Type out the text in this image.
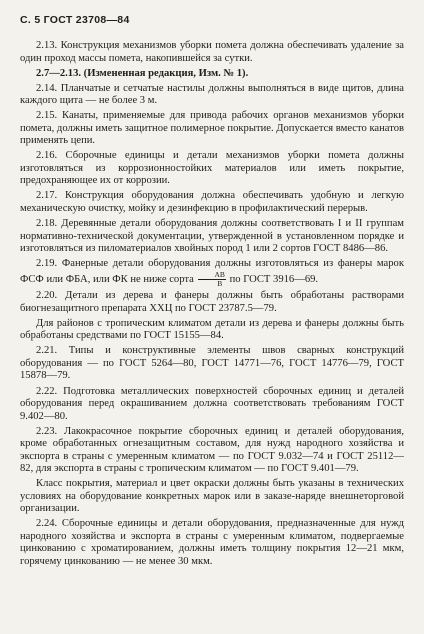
С. 5 ГОСТ 23708—84

2.13. Конструкция механизмов уборки помета должна обеспечивать удаление за один проход массы помета, накопившейся за сутки.

2.7—2.13. (Измененная редакция, Изм. № 1).

2.14. Планчатые и сетчатые настилы должны выполняться в виде щитов, длина каждого щита — не более 3 м.

2.15. Канаты, применяемые для привода рабочих органов механизмов уборки помета, должны иметь защитное полимерное покрытие. Допускается вместо канатов применять цепи.

2.16. Сборочные единицы и детали механизмов уборки помета должны изготовляться из коррозионностойких материалов или иметь покрытие, предохраняющее их от коррозии.

2.17. Конструкция оборудования должна обеспечивать удобную и легкую механическую очистку, мойку и дезинфекцию в профилактический перерыв.

2.18. Деревянные детали оборудования должны соответствовать I и II группам нормативно-технической документации, утвержденной в установленном порядке и изготовляться из пиломатериалов хвойных пород 1 или 2 сортов ГОСТ 8486—86.

2.19. Фанерные детали оборудования должны изготовляться из фанеры марок ФСФ или ФБА, или ФК не ниже сорта $\frac{AB}{B}$ по ГОСТ 3916—69.

2.20. Детали из дерева и фанеры должны быть обработаны растворами биогнезащитного препарата ХХЦ по ГОСТ 23787.5—79.

Для районов с тропическим климатом детали из дерева и фанеры должны быть обработаны средствами по ГОСТ 15155—84.

2.21. Типы и конструктивные элементы швов сварных конструкций оборудования — по ГОСТ 5264—80, ГОСТ 14771—76, ГОСТ 14776—79, ГОСТ 15878—79.

2.22. Подготовка металлических поверхностей сборочных единиц и деталей оборудования перед окрашиванием должна соответствовать требованиям ГОСТ 9.402—80.

2.23. Лакокрасочное покрытие сборочных единиц и деталей оборудования, кроме обработанных огнезащитным составом, для нужд народного хозяйства и экспорта в страны с умеренным климатом — по ГОСТ 9.032—74 и ГОСТ 25112—82, для экспорта в страны с тропическим климатом — по ГОСТ 9.401—79.

Класс покрытия, материал и цвет окраски должны быть указаны в технических условиях на оборудование конкретных марок или в заказе-наряде внешнеторговой организации.

2.24. Сборочные единицы и детали оборудования, предназначенные для нужд народного хозяйства и экспорта в страны с умеренным климатом, подвергаемые цинкованию с хроматированием, должны иметь толщину покрытия 12—21 мкм, горячему цинкованию — не менее 30 мкм.
